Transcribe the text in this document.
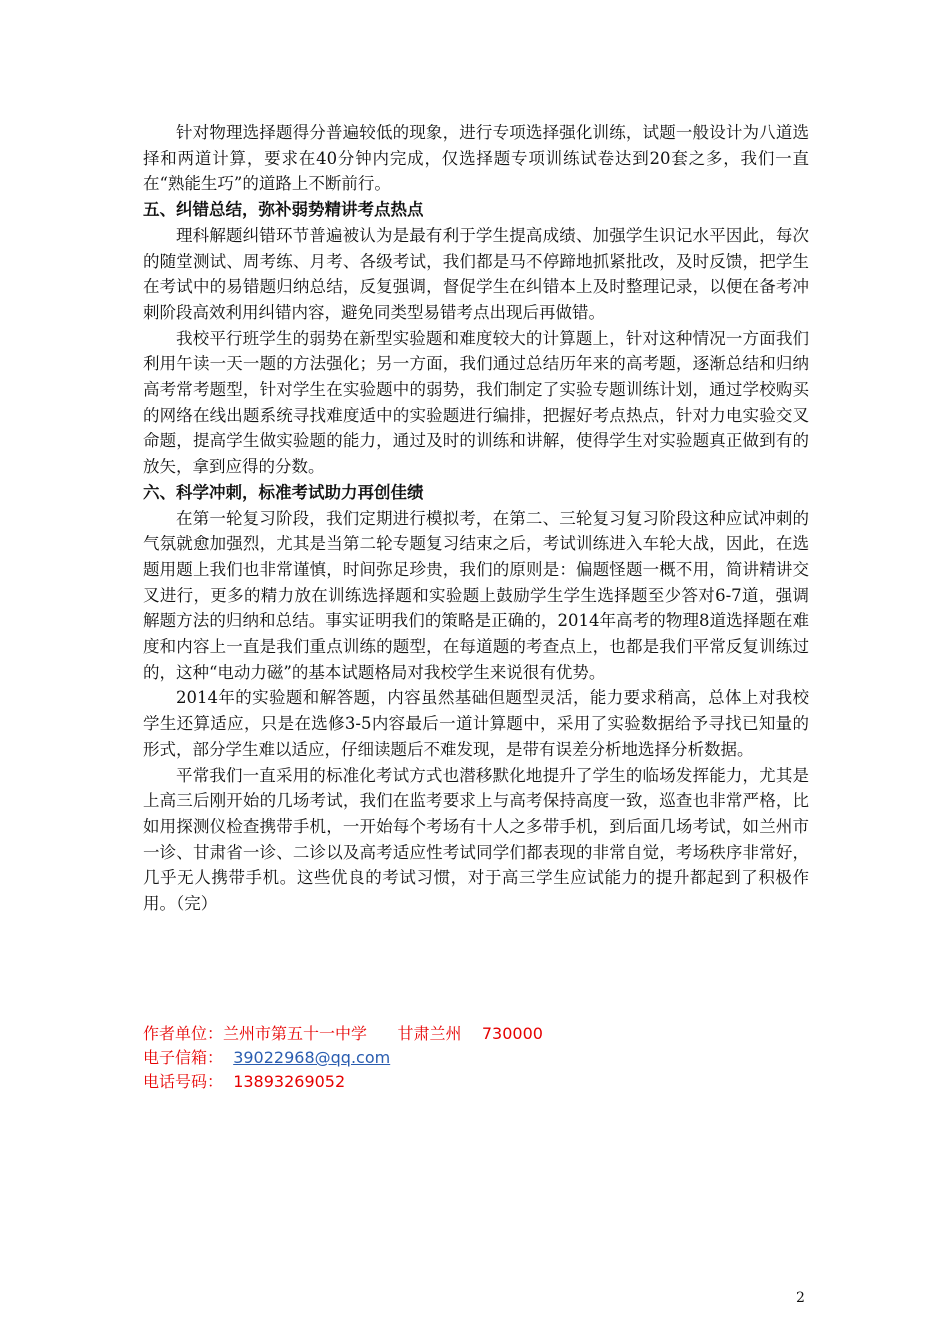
针对物理选择题得分普遍较低的现象，进行专项选择强化训练，试题一般设计为八道选择和两道计算，要求在40分钟内完成，仅选择题专项训练试卷达到20套之多，我们一直在“熟能生巧”的道路上不断前行。

五、纠错总结，弥补弱势精讲考点热点

理科解题纠错环节普遍被认为是最有利于学生提高成绩、加强学生识记水平因此，每次的随堂测试、周考练、月考、各级考试，我们都是马不停蹄地抓紧批改，及时反馈，把学生在考试中的易错题归纳总结，反复强调，督促学生在纠错本上及时整理记录，以便在备考冲刺阶段高效利用纠错内容，避免同类型易错考点出现后再做错。

我校平行班学生的弱势在新型实验题和难度较大的计算题上，针对这种情况一方面我们利用午读一天一题的方法强化；另一方面，我们通过总结历年来的高考题，逐渐总结和归纳高考常考题型，针对学生在实验题中的弱势，我们制定了实验专题训练计划，通过学校购买的网络在线出题系统寻找难度适中的实验题进行编排，把握好考点热点，针对力电实验交叉命题，提高学生做实验题的能力，通过及时的训练和讲解，使得学生对实验题真正做到有的放矢，拿到应得的分数。

六、科学冲刺，标准考试助力再创佳绩

在第一轮复习阶段，我们定期进行模拟考，在第二、三轮复习复习阶段这种应试冲刺的气氛就愈加强烈，尤其是当第二轮专题复习结束之后，考试训练进入车轮大战，因此，在选题用题上我们也非常谨慎，时间弥足珍贵，我们的原则是：偏题怪题一概不用，简讲精讲交叉进行，更多的精力放在训练选择题和实验题上鼓励学生学生选择题至少答对6-7道，强调解题方法的归纳和总结。事实证明我们的策略是正确的，2014年高考的物理8道选择题在难度和内容上一直是我们重点训练的题型，在每道题的考查点上，也都是我们平常反复训练过的，这种“电动力磁”的基本试题格局对我校学生来说很有优势。

2014年的实验题和解答题，内容虽然基础但题型灵活，能力要求稍高，总体上对我校学生还算适应，只是在选修3-5内容最后一道计算题中，采用了实验数据给予寻找已知量的形式，部分学生难以适应，仔细读题后不难发现，是带有误差分析地选择分析数据。

平常我们一直采用的标准化考试方式也潜移默化地提升了学生的临场发挥能力，尤其是上高三后刚开始的几场考试，我们在监考要求上与高考保持高度一致，巡查也非常严格，比如用探测仪检查携带手机，一开始每个考场有十人之多带手机，到后面几场考试，如兰州市一诊、甘肃省一诊、二诊以及高考适应性考试同学们都表现的非常自觉，考场秩序非常好，几乎无人携带手机。这些优良的考试习惯，对于高三学生应试能力的提升都起到了积极作用。（完）

作者单位：兰州市第五十一中学      甘肃兰州    730000
电子信箱： 39022968@qq.com
电话号码： 13893269052
2
